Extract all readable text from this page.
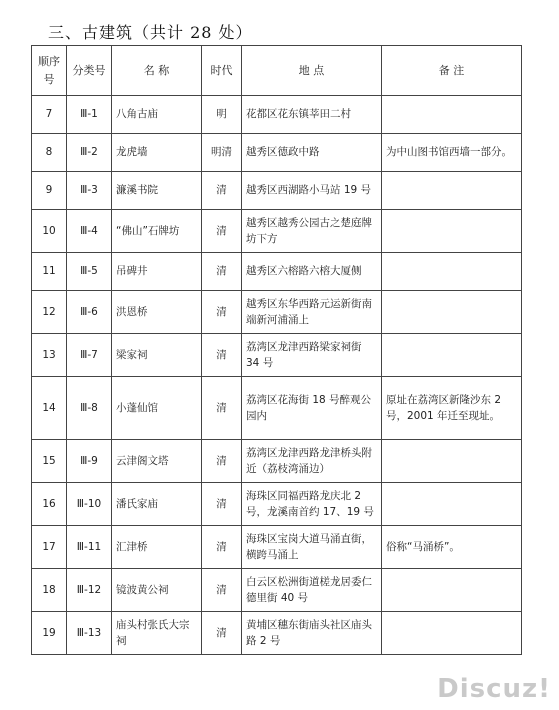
三、古建筑（共计 28 处）
顺序号	分类号	名 称	时代	地 点	备 注
7	Ⅲ-1	八角古庙	明	花都区花东镇莘田二村	
8	Ⅲ-2	龙虎墙	明清	越秀区德政中路	为中山图书馆西墙一部分。
9	Ⅲ-3	濂溪书院	清	越秀区西湖路小马站 19 号	
10	Ⅲ-4	“佛山”石牌坊	清	越秀区越秀公园古之楚庭牌坊下方	
11	Ⅲ-5	吊碑井	清	越秀区六榕路六榕大厦侧	
12	Ⅲ-6	洪恩桥	清	越秀区东华西路元运新街南端新河浦涌上	
13	Ⅲ-7	梁家祠	清	荔湾区龙津西路梁家祠街 34 号	
14	Ⅲ-8	小蓬仙馆	清	荔湾区花海街 18 号醉观公园内	原址在荔湾区新隆沙东 2 号，2001 年迁至现址。
15	Ⅲ-9	云津阁文塔	清	荔湾区龙津西路龙津桥头附近（荔枝湾涌边）	
16	Ⅲ-10	潘氏家庙	清	海珠区同福西路龙庆北 2 号，龙溪南首约 17、19 号	
17	Ⅲ-11	汇津桥	清	海珠区宝岗大道马涌直街，横跨马涌上	俗称“马涌桥”。
18	Ⅲ-12	镜波黄公祠	清	白云区松洲街道槎龙居委仁德里街 40 号	
19	Ⅲ-13	庙头村张氏大宗祠	清	黄埔区穗东街庙头社区庙头路 2 号	
Discuz!
